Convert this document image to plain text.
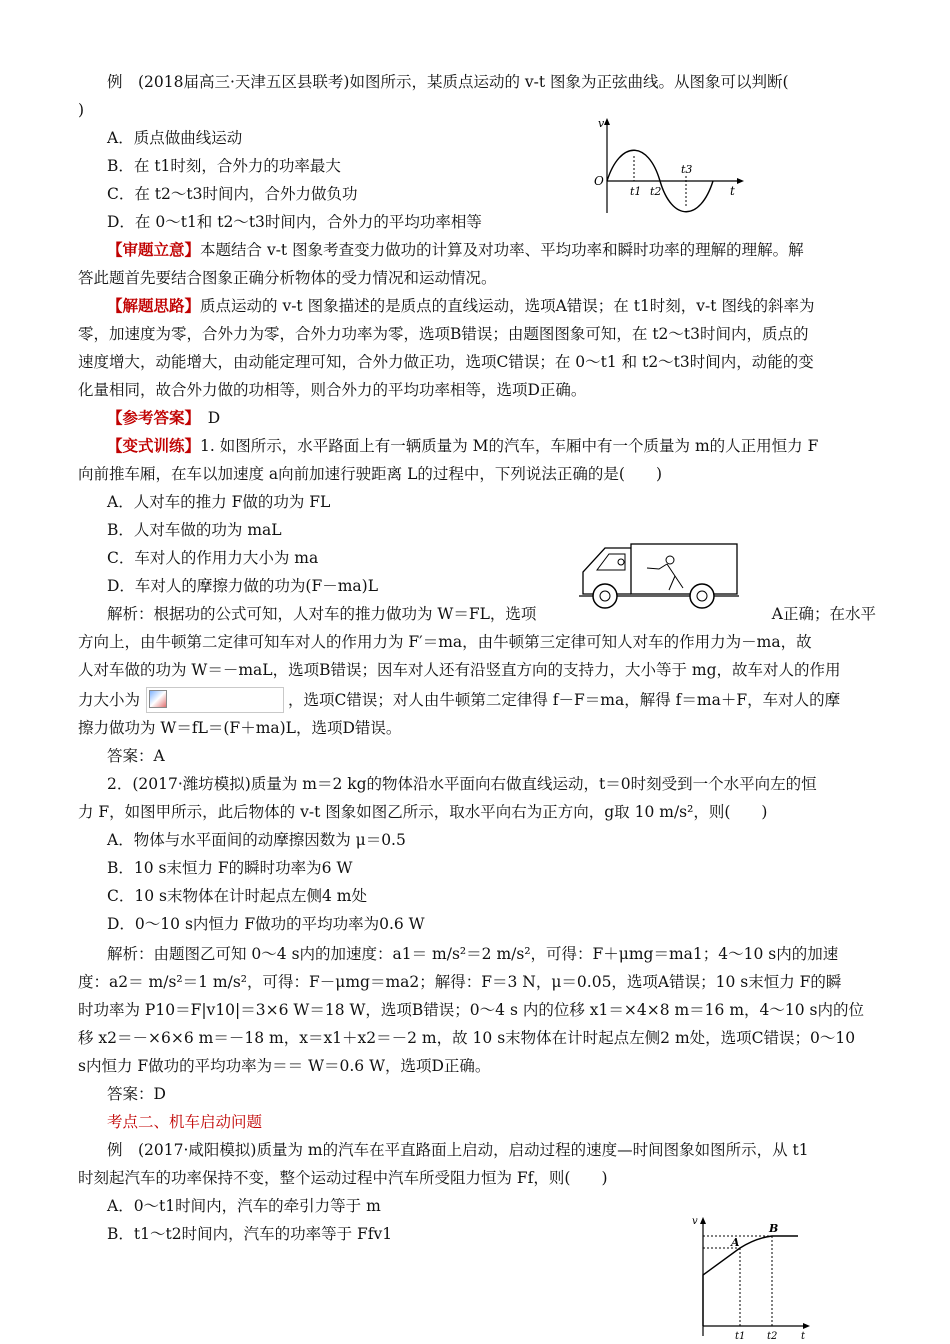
例　(2018届高三·天津五区县联考)如图所示，某质点运动的 v-t 图象为正弦曲线。从图象可以判断(
)
A．质点做曲线运动
B．在 t1时刻，合外力的功率最大
C．在 t2～t3时间内，合外力做负功
D．在 0～t1和 t2～t3时间内，合外力的平均功率相等
v
O
t
t1 t2
t3
【审题立意】本题结合 v-t 图象考查变力做功的计算及对功率、平均功率和瞬时功率的理解的理解。解
答此题首先要结合图象正确分析物体的受力情况和运动情况。
【解题思路】质点运动的 v-t 图象描述的是质点的直线运动，选项A错误；在 t1时刻，v-t 图线的斜率为
零，加速度为零，合外力为零，合外力功率为零，选项B错误；由题图图象可知，在 t2～t3时间内，质点的
速度增大，动能增大，由动能定理可知，合外力做正功，选项C错误；在 0～t1 和 t2～t3时间内，动能的变
化量相同，故合外力做的功相等，则合外力的平均功率相等，选项D正确。
【参考答案】　 D
【变式训练】1. 如图所示，水平路面上有一辆质量为 M的汽车，车厢中有一个质量为 m的人正用恒力 F
向前推车厢，在车以加速度 a向前加速行驶距离 L的过程中，下列说法正确的是(　　)
A．人对车的推力 F做的功为 FL
B．人对车做的功为 maL
C．车对人的作用力大小为 ma
D．车对人的摩擦力做的功为(F－ma)L
解析：根据功的公式可知，人对车的推力做功为 W＝FL，选项	A正确；在水平
方向上，由牛顿第二定律可知车对人的作用力为 F′＝ma，由牛顿第三定律可知人对车的作用力为－ma，故
人对车做的功为 W＝－maL，选项B错误；因车对人还有沿竖直方向的支持力，大小等于 mg，故车对人的作用
力大小为	，选项C错误；对人由牛顿第二定律得 f－F＝ma，解得 f＝ma＋F，车对人的摩
擦力做功为 W＝fL＝(F＋ma)L，选项D错误。
答案：A
2．(2017·潍坊模拟)质量为 m＝2 kg的物体沿水平面向右做直线运动，t＝0时刻受到一个水平向左的恒
力 F，如图甲所示，此后物体的 v-t 图象如图乙所示，取水平向右为正方向，g取 10 m/s²，则(　　)
A．物体与水平面间的动摩擦因数为 μ＝0.5
B．10 s末恒力 F的瞬时功率为6 W
C．10 s末物体在计时起点左侧4 m处
D．0～10 s内恒力 F做功的平均功率为0.6 W
解析：由题图乙可知 0～4 s内的加速度：a1＝ m/s²＝2 m/s²，可得：F＋μmg＝ma1；4～10 s内的加速
度：a2＝ m/s²＝1 m/s²，可得：F－μmg＝ma2；解得：F＝3 N，μ＝0.05，选项A错误；10 s末恒力 F的瞬
时功率为 P10＝F|v10|＝3×6 W＝18 W，选项B错误；0～4 s 内的位移 x1＝×4×8 m＝16 m，4～10 s内的位
移 x2＝－×6×6 m＝－18 m，x＝x1＋x2＝－2 m，故 10 s末物体在计时起点左侧2 m处，选项C错误；0～10
s内恒力 F做功的平均功率为＝＝ W＝0.6 W，选项D正确。
答案：D
考点二、机车启动问题
例　(2017·咸阳模拟)质量为 m的汽车在平直路面上启动，启动过程的速度—时间图象如图所示，从 t1
时刻起汽车的功率保持不变，整个运动过程中汽车所受阻力恒为 Ff，则(　　)
A．0～t1时间内，汽车的牵引力等于 m
B．t1～t2时间内，汽车的功率等于 Ffv1
v
A
B
t
t1 t2
